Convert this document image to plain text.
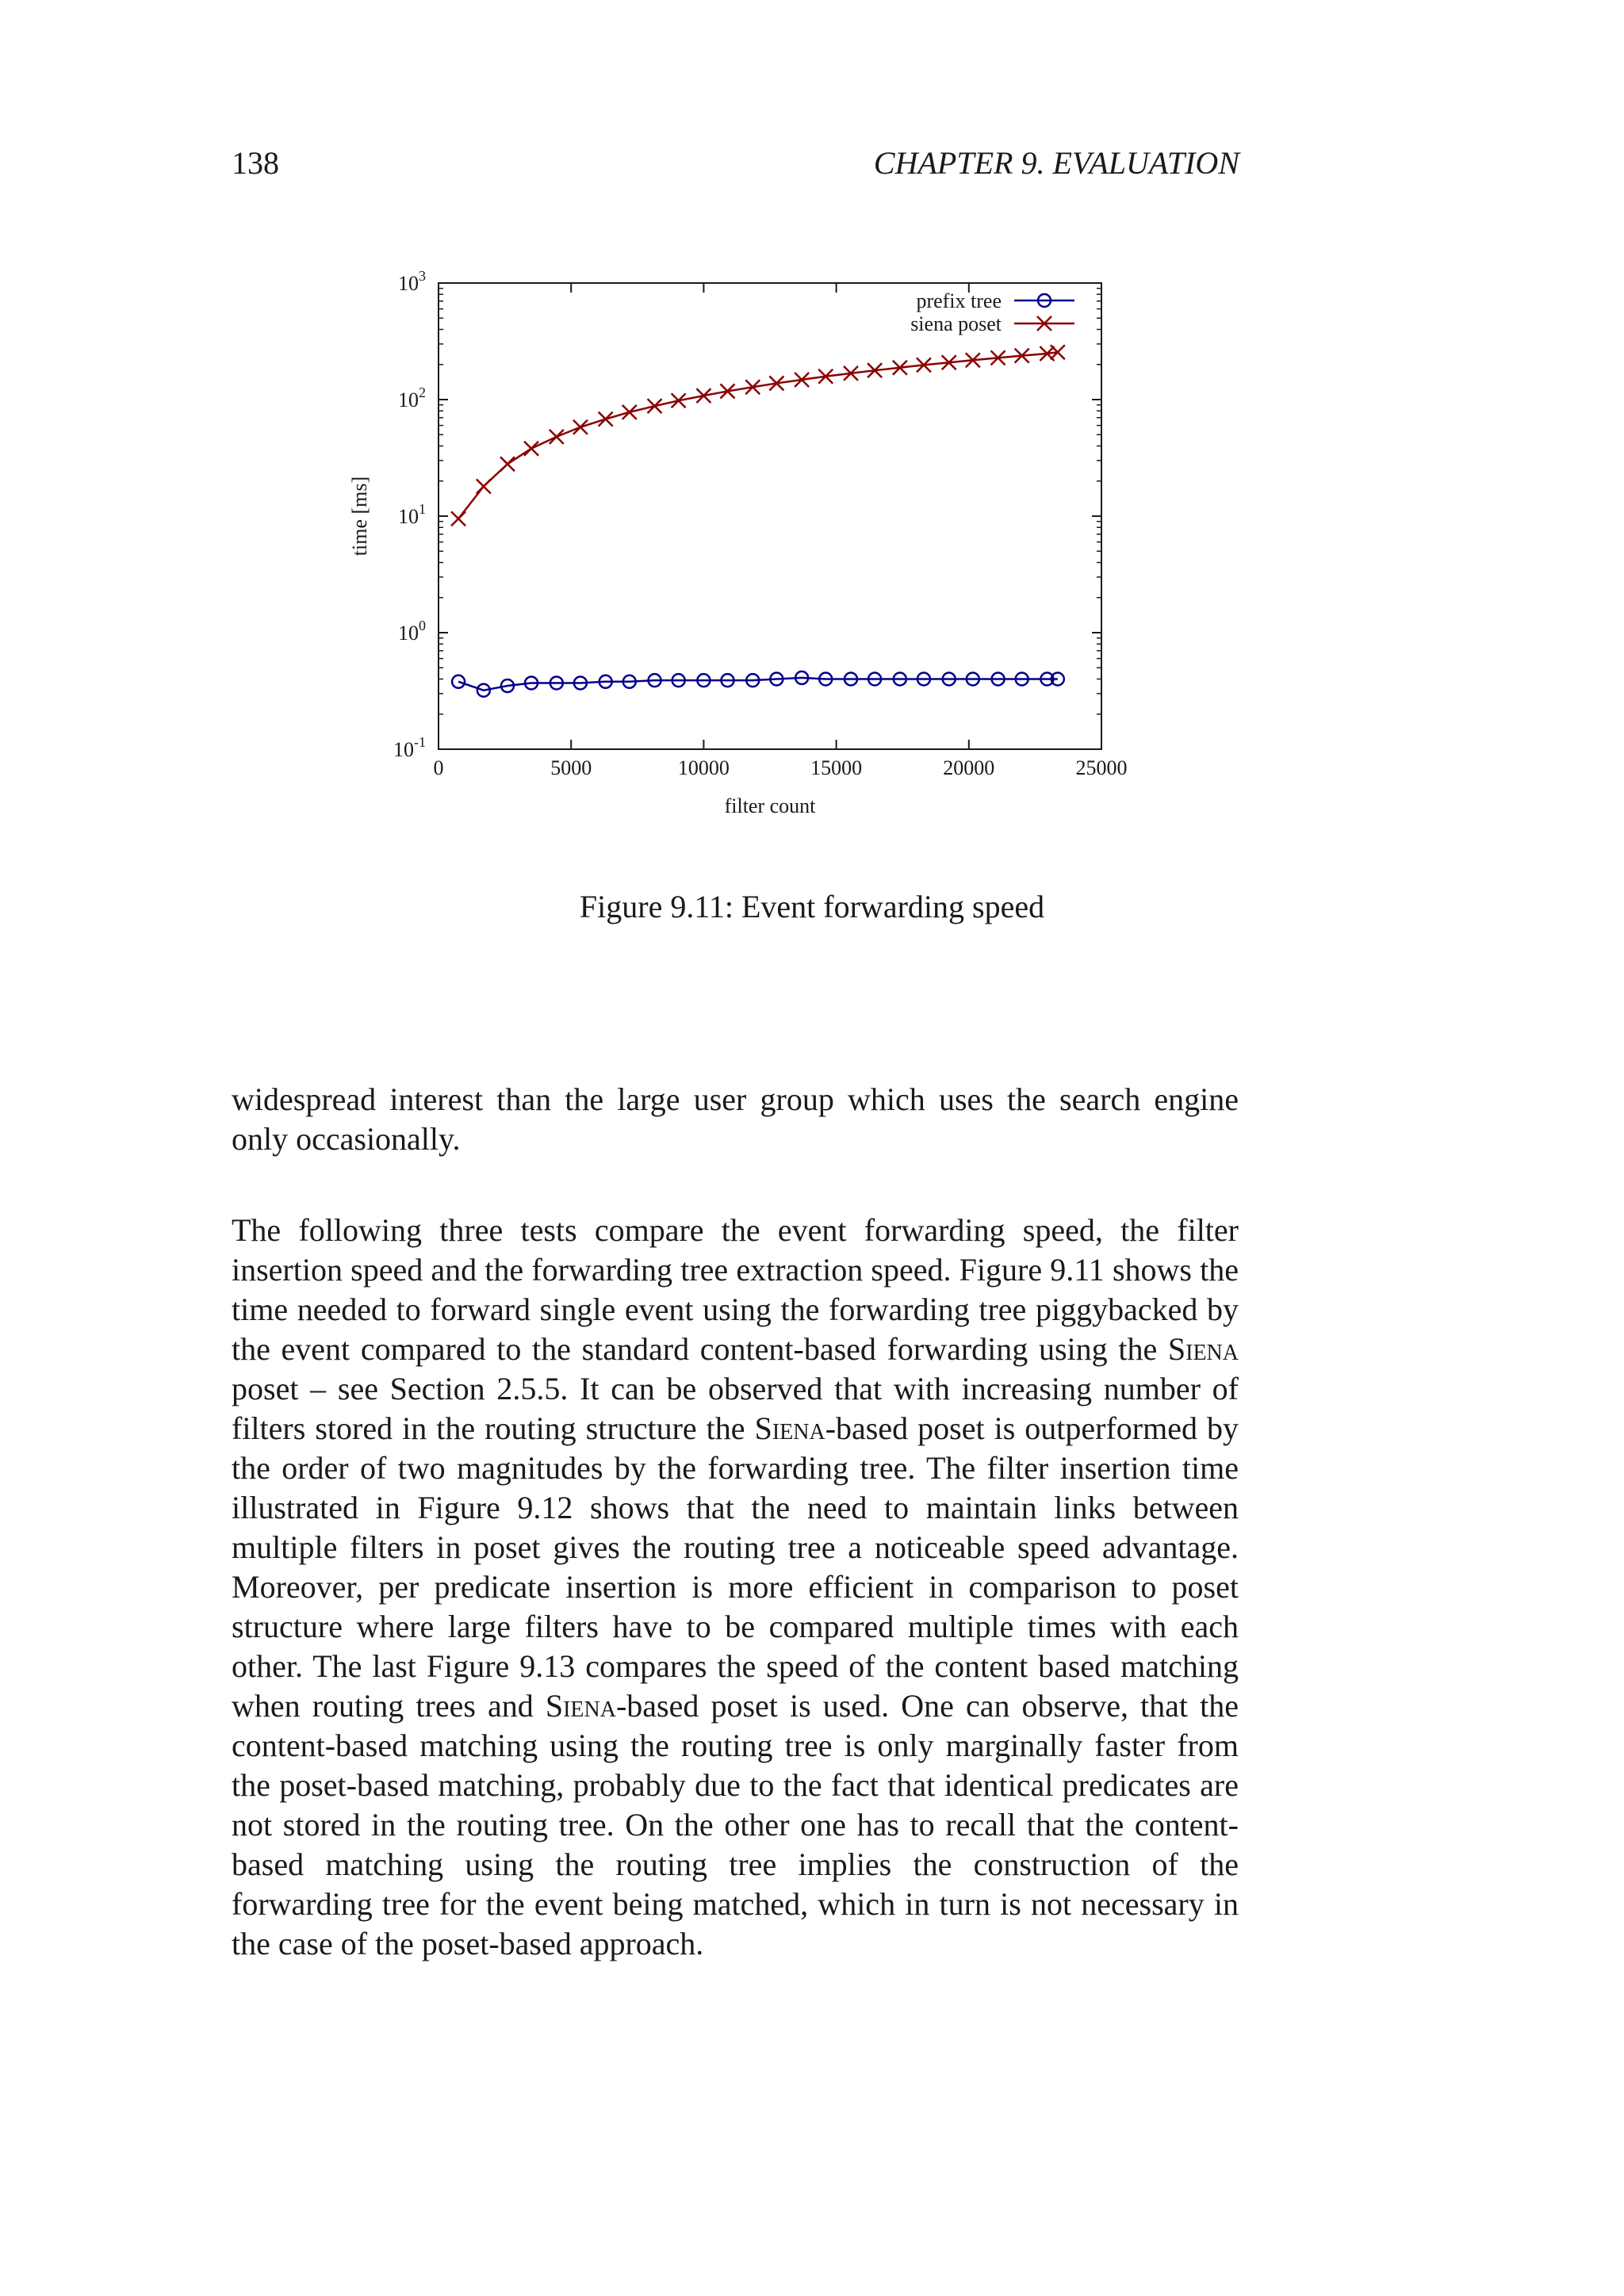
138	CHAPTER 9. EVALUATION
$10^{-1}$
$10^0$
$10^1$
$10^2$
$10^3$
0	5000	10000	15000	20000	25000
filter count
time [ms]
prefix tree
siena poset
Figure 9.11: Event forwarding speed

widespread interest than the large user group which uses the search engine only occasionally.

The following three tests compare the event forwarding speed, the filter insertion speed and the forwarding tree extraction speed. Figure 9.11 shows the time needed to forward single event using the forwarding tree piggybacked by the event compared to the standard content-based forwarding using the Siena poset – see Section 2.5.5. It can be observed that with increasing number of filters stored in the routing structure the Siena-based poset is outperformed by the order of two magnitudes by the forwarding tree. The filter insertion time illustrated in Figure 9.12 shows that the need to maintain links between multiple filters in poset gives the routing tree a noticeable speed advantage. Moreover, per predicate insertion is more efficient in comparison to poset structure where large filters have to be compared multiple times with each other. The last Figure 9.13 compares the speed of the content based matching when routing trees and Siena-based poset is used. One can observe, that the content-based matching using the routing tree is only marginally faster from the poset-based matching, probably due to the fact that identical predicates are not stored in the routing tree. On the other one has to recall that the content-based matching using the routing tree implies the construction of the forwarding tree for the event being matched, which in turn is not necessary in the case of the poset-based approach.
